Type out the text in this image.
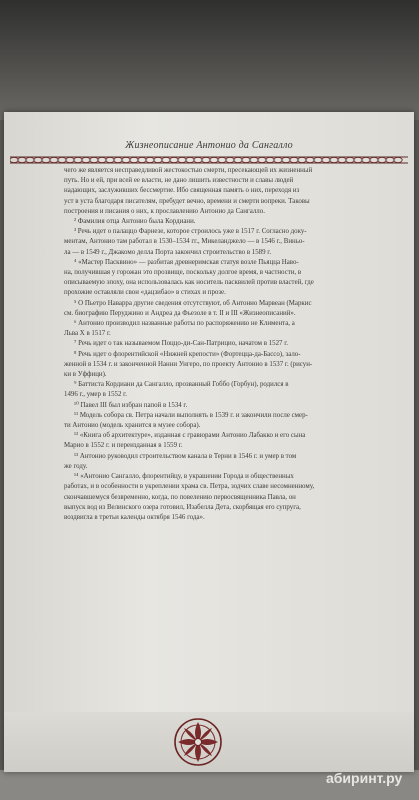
Жизнеописание Антонио да Сангалло

чего же является несправедливой жестокостью смерти, пресекающей их жизненный

путь. Но и ей, при всей ее власти, не дано лишить известности и славы людей

надающих, заслуживших бессмертие. Ибо священная память о них, переходя из

уст в уста благодаря писателям, пребудет вечно, времени и смерти вопреки. Таковы

построения и писания о них, к прославлению Антонио да Сангалло.

² Фамилия отца Антонио была Кордиани.

³ Речь идет о палаццо Фарнезе, которое строилось уже в 1517 г. Согласно доку-

ментам, Антонио там работал в 1530–1534 гг., Микеланджело — в 1546 г., Виньо-

ла — в 1549 г., Джакомо делла Порта закончил строительство в 1589 г.

⁴ «Мастер Пасквино» — разбитая древнеримская статуя возле Пьяцца Наво-

на, получившая у горожан это прозвище, поскольку долгое время, в частности, в

описываемую эпоху, она использовалась как носитель пасквилей против властей, где

прохожие оставляли свои «дацзибао» в стихах и прозе.

⁵ О Пьетро Наварра другие сведения отсутствуют, об Антонио Марвеан (Маркис

см. биографию Перуджино и Андреа да Фьезоле в т. II и III «Жизнеописаний».

⁶ Антонио производил названные работы по распоряжению не Климента, а

Льва X в 1517 г.

⁷ Речь идет о так называемом Поццо-ди-Сан-Патрицио, начатом в 1527 г.

⁸ Речь идет о флорентийской «Нижней крепости» (Фортецца-да-Бассо), зало-

женной в 1534 г. и законченной Нанни Унгеро, по проекту Антонио в 1537 г. (рисун-

ки в Уффици).

⁹ Баттиста Кордиани да Сангалло, прозванный Гоббо (Горбун), родился в

1496 г., умер в 1552 г.

¹⁰ Павел III был избран папой в 1534 г.

¹¹ Модель собора св. Петра начали выполнять в 1539 г. и закончили после смер-

ти Антонио (модель хранится в музее собора).

¹² «Книга об архитектуре», изданная с гравюрами Антонио Лабакко и его сына

Марио в 1552 г. и переизданная в 1559 г.

¹³ Антонио руководил строительством канала в Терни в 1546 г. и умер в том

же году.

¹⁴ «Антонио Сангалло, флорентийцу, в украшении Города и общественных

работах, и в особенности в укреплении храма св. Петра, зодчих славе несомненному,

скончавшемуся безвременно, когда, по повелению первосвященника Павла, он

выпуск вод из Велинского озера готовил, Изабелла Дета, скорбящая его супруга,

воздвигла в третьи календы октября 1546 года».

абиринт.ру
